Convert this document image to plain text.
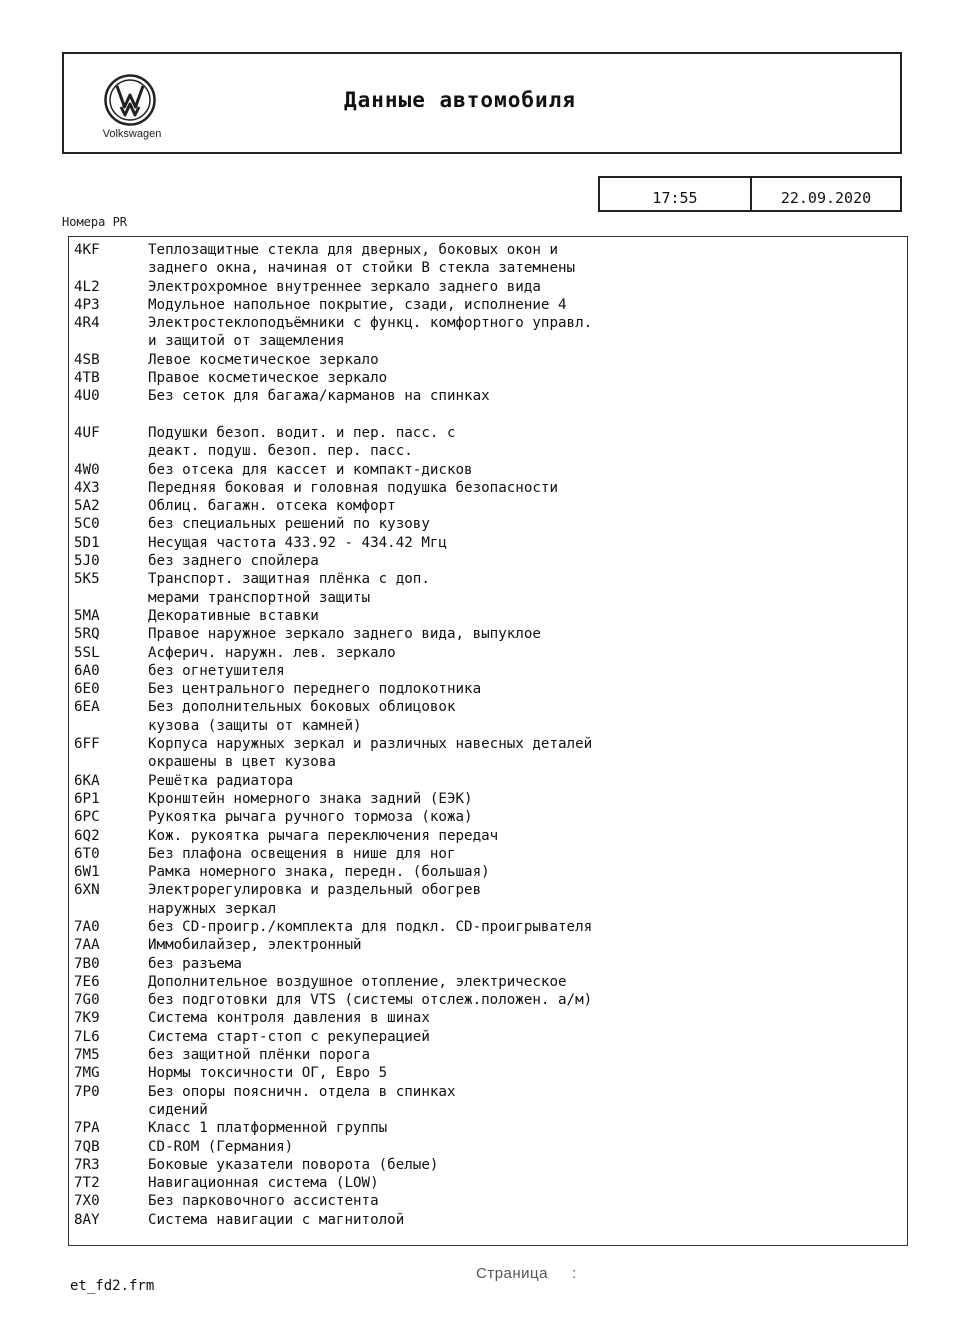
Volkswagen
Данные автомобиля
17:55	22.09.2020
Номера PR
4KF	Теплозащитные стекла для дверных, боковых окон и
заднего окна, начиная от стойки B стекла затемнены
4L2	Электрохромное внутреннее зеркало заднего вида
4P3	Модульное напольное покрытие, сзади, исполнение 4
4R4	Электростеклоподъёмники с функц. комфортного управл.
и защитой от защемления
4SB	Левое косметическое зеркало
4TB	Правое косметическое зеркало
4U0	Без сеток для багажа/карманов на спинках
4UF	Подушки безоп. водит. и пер. пасс. с
деакт. подуш. безоп. пер. пасс.
4W0	без отсека для кассет и компакт-дисков
4X3	Передняя боковая и головная подушка безопасности
5A2	Облиц. багажн. отсека комфорт
5C0	без специальных решений по кузову
5D1	Несущая частота 433.92 - 434.42 Мгц
5J0	без заднего спойлера
5K5	Транспорт. защитная плёнка с доп.
мерами транспортной защиты
5MA	Декоративные вставки
5RQ	Правое наружное зеркало заднего вида, выпуклое
5SL	Асферич. наружн. лев. зеркало
6A0	без огнетушителя
6E0	Без центрального переднего подлокотника
6EA	Без дополнительных боковых облицовок
кузова (защиты от камней)
6FF	Корпуса наружных зеркал и различных навесных деталей
окрашены в цвет кузова
6KA	Решётка радиатора
6P1	Кронштейн номерного знака задний (ЕЭК)
6PC	Рукоятка рычага ручного тормоза (кожа)
6Q2	Кож. рукоятка рычага переключения передач
6T0	Без плафона освещения в нише для ног
6W1	Рамка номерного знака, передн. (большая)
6XN	Электрорегулировка и раздельный обогрев
наружных зеркал
7A0	без CD-проигр./комплекта для подкл. CD-проигрывателя
7AA	Иммобилайзер, электронный
7B0	без разъема
7E6	Дополнительное воздушное отопление, электрическое
7G0	без подготовки для VTS (системы отслеж.положен. а/м)
7K9	Система контроля давления в шинах
7L6	Система старт-стоп с рекуперацией
7M5	без защитной плёнки порога
7MG	Нормы токсичности ОГ, Евро 5
7P0	Без опоры поясничн. отдела в спинках
сидений
7PA	Класс 1 платформенной группы
7QB	CD-ROM (Германия)
7R3	Боковые указатели поворота (белые)
7T2	Навигационная система (LOW)
7X0	Без парковочного ассистента
8AY	Система навигации с магнитолой
et_fd2.frm
Страница :
